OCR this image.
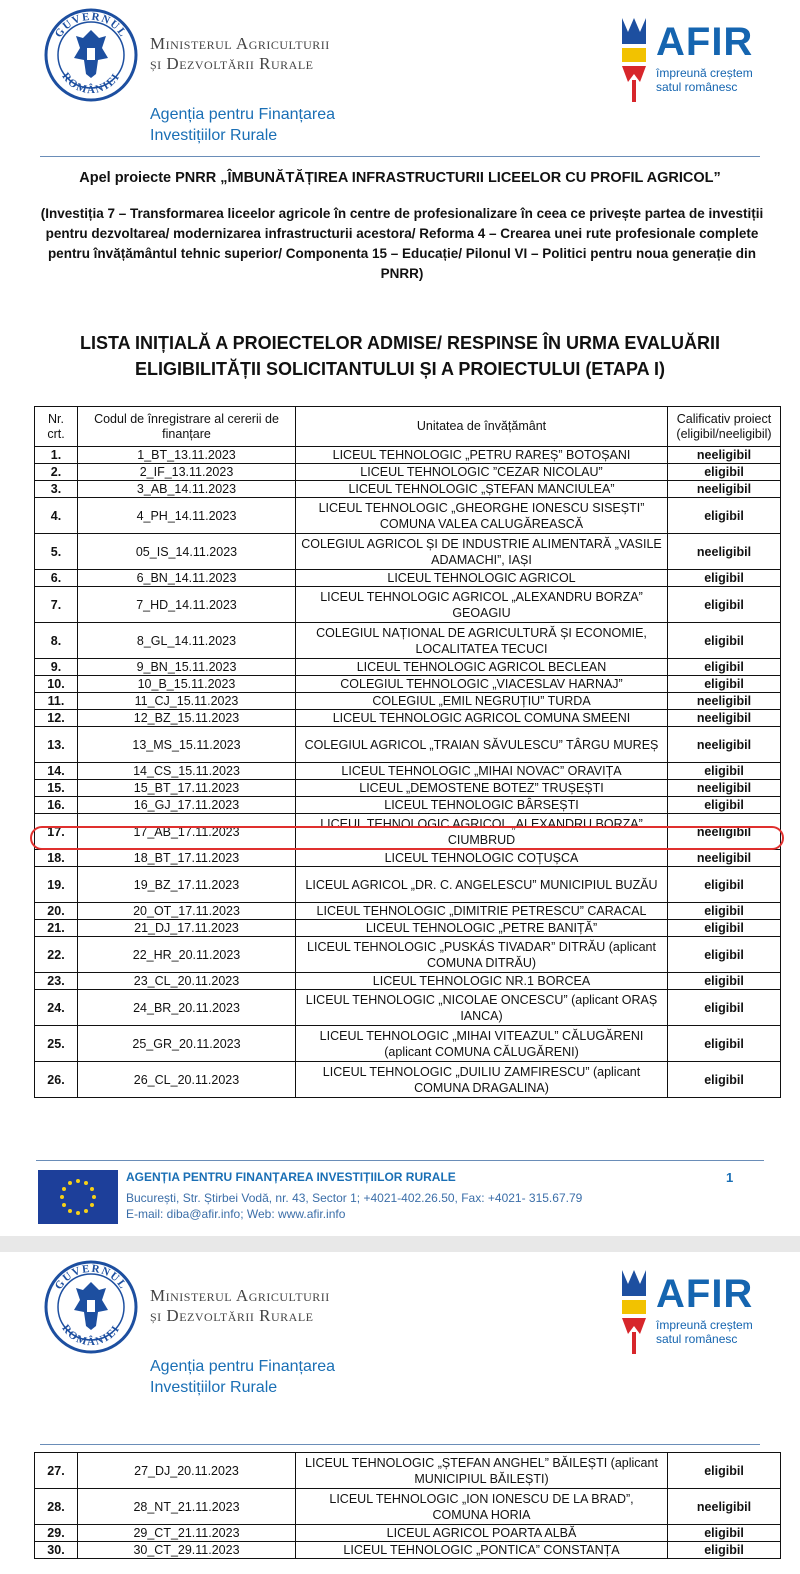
GUVERNUL
ROMÂNIEI
Ministerul Agriculturii
și Dezvoltării Rurale
Agenția pentru Finanțarea
Investițiilor Rurale
AFIR
împreună creștem
satul românesc
Apel proiecte PNRR „ÎMBUNĂTĂȚIREA INFRASTRUCTURII LICEELOR CU PROFIL AGRICOL”
(Investiția 7 – Transformarea liceelor agricole în centre de profesionalizare în ceea ce privește partea de investiții pentru dezvoltarea/ modernizarea infrastructurii acestora/ Reforma 4 – Crearea unei rute profesionale complete pentru învățământul tehnic superior/ Componenta 15 – Educație/ Pilonul VI – Politici pentru noua generație din PNRR)
LISTA INIȚIALĂ A PROIECTELOR ADMISE/ RESPINSE ÎN URMA EVALUĂRII
ELIGIBILITĂȚII SOLICITANTULUI ȘI A PROIECTULUI (ETAPA I)
Nr. crt.	Codul de înregistrare al cererii de finanțare	Unitatea de învățământ	Calificativ proiect (eligibil/neeligibil)
1.	1_BT_13.11.2023	LICEUL TEHNOLOGIC „PETRU RAREȘ” BOTOȘANI	neeligibil
2.	2_IF_13.11.2023	LICEUL TEHNOLOGIC ”CEZAR NICOLAU”	eligibil
3.	3_AB_14.11.2023	LICEUL TEHNOLOGIC „ȘTEFAN MANCIULEA”	neeligibil
4.	4_PH_14.11.2023	LICEUL TEHNOLOGIC „GHEORGHE IONESCU SISEȘTI” COMUNA VALEA CALUGĂREASCĂ	eligibil
5.	05_IS_14.11.2023	COLEGIUL AGRICOL ȘI DE INDUSTRIE ALIMENTARĂ „VASILE ADAMACHI”, IAȘI	neeligibil
6.	6_BN_14.11.2023	LICEUL TEHNOLOGIC AGRICOL	eligibil
7.	7_HD_14.11.2023	LICEUL TEHNOLOGIC AGRICOL „ALEXANDRU BORZA” GEOAGIU	eligibil
8.	8_GL_14.11.2023	COLEGIUL NAȚIONAL DE AGRICULTURĂ ȘI ECONOMIE, LOCALITATEA TECUCI	eligibil
9.	9_BN_15.11.2023	LICEUL TEHNOLOGIC AGRICOL BECLEAN	eligibil
10.	10_B_15.11.2023	COLEGIUL TEHNOLOGIC „VIACESLAV HARNAJ”	eligibil
11.	11_CJ_15.11.2023	COLEGIUL „EMIL NEGRUȚIU” TURDA	neeligibil
12.	12_BZ_15.11.2023	LICEUL TEHNOLOGIC AGRICOL COMUNA SMEENI	neeligibil
13.	13_MS_15.11.2023	COLEGIUL AGRICOL „TRAIAN SĂVULESCU” TÂRGU MUREȘ	neeligibil
14.	14_CS_15.11.2023	LICEUL TEHNOLOGIC „MIHAI NOVAC” ORAVIȚA	eligibil
15.	15_BT_17.11.2023	LICEUL „DEMOSTENE BOTEZ” TRUȘEȘTI	neeligibil
16.	16_GJ_17.11.2023	LICEUL TEHNOLOGIC BÂRSEȘTI	eligibil
17.	17_AB_17.11.2023	LICEUL TEHNOLOGIC AGRICOL „ALEXANDRU BORZA” CIUMBRUD	neeligibil
18.	18_BT_17.11.2023	LICEUL TEHNOLOGIC COȚUȘCA	neeligibil
19.	19_BZ_17.11.2023	LICEUL AGRICOL „DR. C. ANGELESCU” MUNICIPIUL BUZĂU	eligibil
20.	20_OT_17.11.2023	LICEUL TEHNOLOGIC „DIMITRIE PETRESCU” CARACAL	eligibil
21.	21_DJ_17.11.2023	LICEUL TEHNOLOGIC „PETRE BANIȚĂ”	eligibil
22.	22_HR_20.11.2023	LICEUL TEHNOLOGIC „PUSKÁS TIVADAR” DITRĂU (aplicant COMUNA DITRĂU)	eligibil
23.	23_CL_20.11.2023	LICEUL TEHNOLOGIC NR.1 BORCEA	eligibil
24.	24_BR_20.11.2023	LICEUL TEHNOLOGIC „NICOLAE ONCESCU” (aplicant ORAȘ IANCA)	eligibil
25.	25_GR_20.11.2023	LICEUL TEHNOLOGIC „MIHAI VITEAZUL” CĂLUGĂRENI (aplicant COMUNA CĂLUGĂRENI)	eligibil
26.	26_CL_20.11.2023	LICEUL TEHNOLOGIC „DUILIU ZAMFIRESCU” (aplicant COMUNA DRAGALINA)	eligibil
AGENȚIA PENTRU FINANȚAREA INVESTIȚIILOR RURALE
București, Str. Știrbei Vodă, nr. 43, Sector 1; +4021-402.26.50, Fax: +4021- 315.67.79
E-mail: diba@afir.info; Web: www.afir.info
1
GUVERNUL
ROMÂNIEI
Ministerul Agriculturii
și Dezvoltării Rurale
Agenția pentru Finanțarea
Investițiilor Rurale
AFIR
împreună creștem
satul românesc
27.	27_DJ_20.11.2023	LICEUL TEHNOLOGIC „ȘTEFAN ANGHEL” BĂILEȘTI (aplicant MUNICIPIUL BĂILEȘTI)	eligibil
28.	28_NT_21.11.2023	LICEUL TEHNOLOGIC „ION IONESCU DE LA BRAD”, COMUNA HORIA	neeligibil
29.	29_CT_21.11.2023	LICEUL AGRICOL POARTA ALBĂ	eligibil
30.	30_CT_29.11.2023	LICEUL TEHNOLOGIC „PONTICA” CONSTANȚA	eligibil
